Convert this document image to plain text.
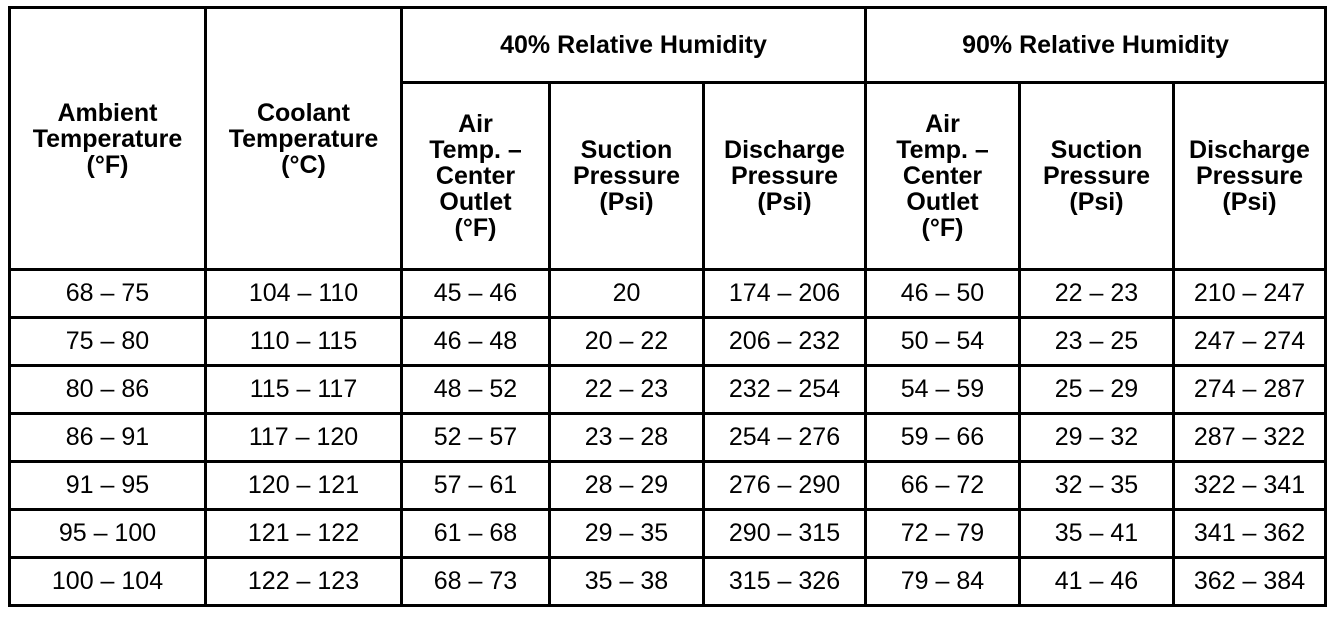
Ambient
Temperature
(°F)	Coolant
Temperature
(°C)	40% Relative Humidity			90% Relative Humidity		
		Air
Temp. –
Center
Outlet
(°F)	Suction
Pressure
(Psi)	Discharge
Pressure
(Psi)	Air
Temp. –
Center
Outlet
(°F)	Suction
Pressure
(Psi)	Discharge
Pressure
(Psi)
68 – 75	104 – 110	45 – 46	20	174 – 206	46 – 50	22 – 23	210 – 247
75 – 80	110 – 115	46 – 48	20 – 22	206 – 232	50 – 54	23 – 25	247 – 274
80 – 86	115 – 117	48 – 52	22 – 23	232 – 254	54 – 59	25 – 29	274 – 287
86 – 91	117 – 120	52 – 57	23 – 28	254 – 276	59 – 66	29 – 32	287 – 322
91 – 95	120 – 121	57 – 61	28 – 29	276 – 290	66 – 72	32 – 35	322 – 341
95 – 100	121 – 122	61 – 68	29 – 35	290 – 315	72 – 79	35 – 41	341 – 362
100 – 104	122 – 123	68 – 73	35 – 38	315 – 326	79 – 84	41 – 46	362 – 384
